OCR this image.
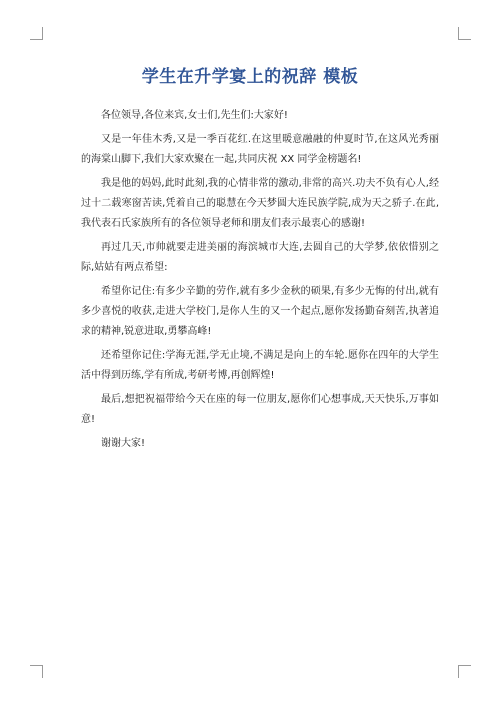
学生在升学宴上的祝辞 模板

各位领导,各位来宾,女士们,先生们:大家好!

又是一年佳木秀,又是一季百花红.在这里暖意融融的仲夏时节,在这风光秀丽的海棠山脚下,我们大家欢聚在一起,共同庆祝 XX 同学金榜题名!

我是他的妈妈,此时此刻,我的心情非常的激动,非常的高兴.功夫不负有心人,经过十二载寒窗苦读,凭着自己的聪慧在今天梦圆大连民族学院,成为天之骄子.在此,我代表石氏家族所有的各位领导老师和朋友们表示最衷心的感谢!

再过几天,市帅就要走进美丽的海滨城市大连,去圆自己的大学梦,依依惜别之际,姑姑有两点希望:

希望你记住:有多少辛勤的劳作,就有多少金秋的硕果,有多少无悔的付出,就有多少喜悦的收获,走进大学校门,是你人生的又一个起点,愿你发扬勤奋刻苦,执著追求的精神,锐意进取,勇攀高峰!

还希望你记住:学海无涯,学无止境,不满足是向上的车轮.愿你在四年的大学生活中得到历练,学有所成,考研考博,再创辉煌!

最后,想把祝福带给今天在座的每一位朋友,愿你们心想事成,天天快乐,万事如意!

谢谢大家!
